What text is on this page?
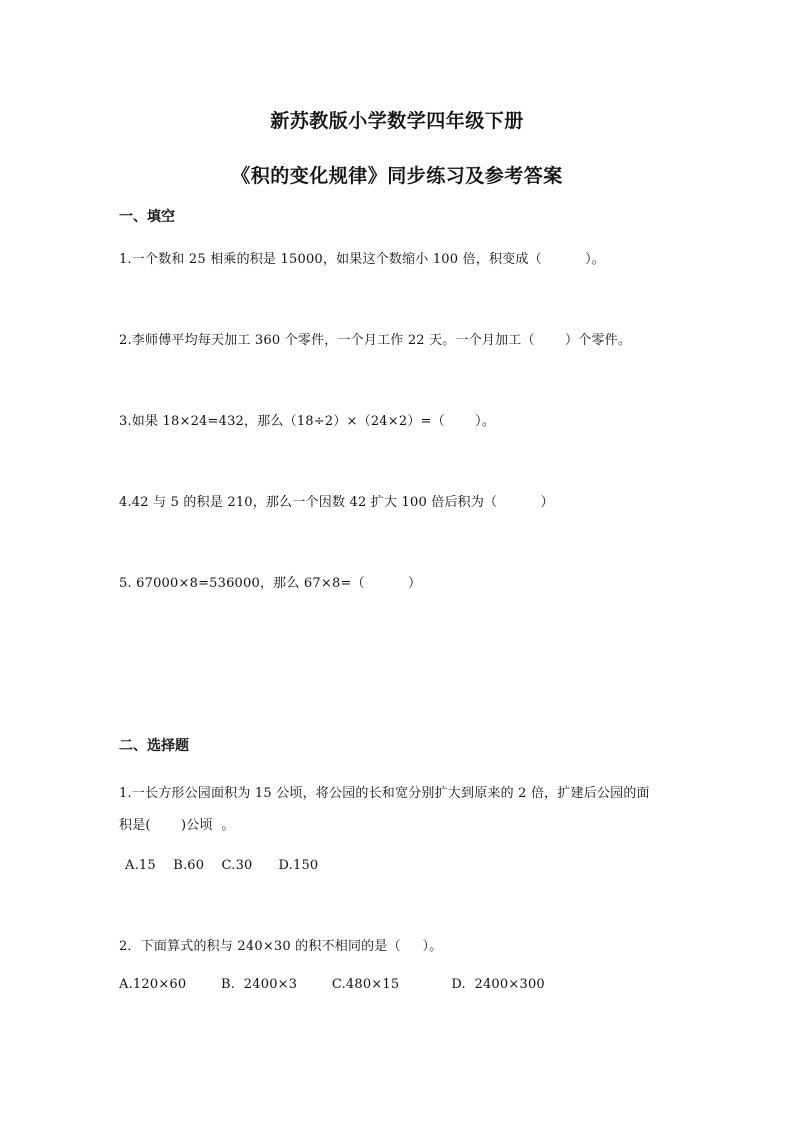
新苏教版小学数学四年级下册
《积的变化规律》同步练习及参考答案
一、填空
1.一个数和 25 相乘的积是 15000，如果这个数缩小 100 倍，积变成（          ）。
2.李师傅平均每天加工 360 个零件，一个月工作 22 天。一个月加工（       ）个零件。
3.如果 18×24=432，那么（18÷2）×（24×2）=（       ）。
4.42 与 5 的积是 210，那么一个因数 42 扩大 100 倍后积为（          ）
5. 67000×8=536000，那么 67×8=（          ）
二、选择题
1.一长方形公园面积为 15 公顷，将公园的长和宽分别扩大到原来的 2 倍，扩建后公园的面
积是(       )公顷  。
A.15    B.60    C.30      D.150
2．下面算式的积与 240×30 的积不相同的是（     ）。
A.120×60        B.  2400×3        C.480×15            D.  2400×300
